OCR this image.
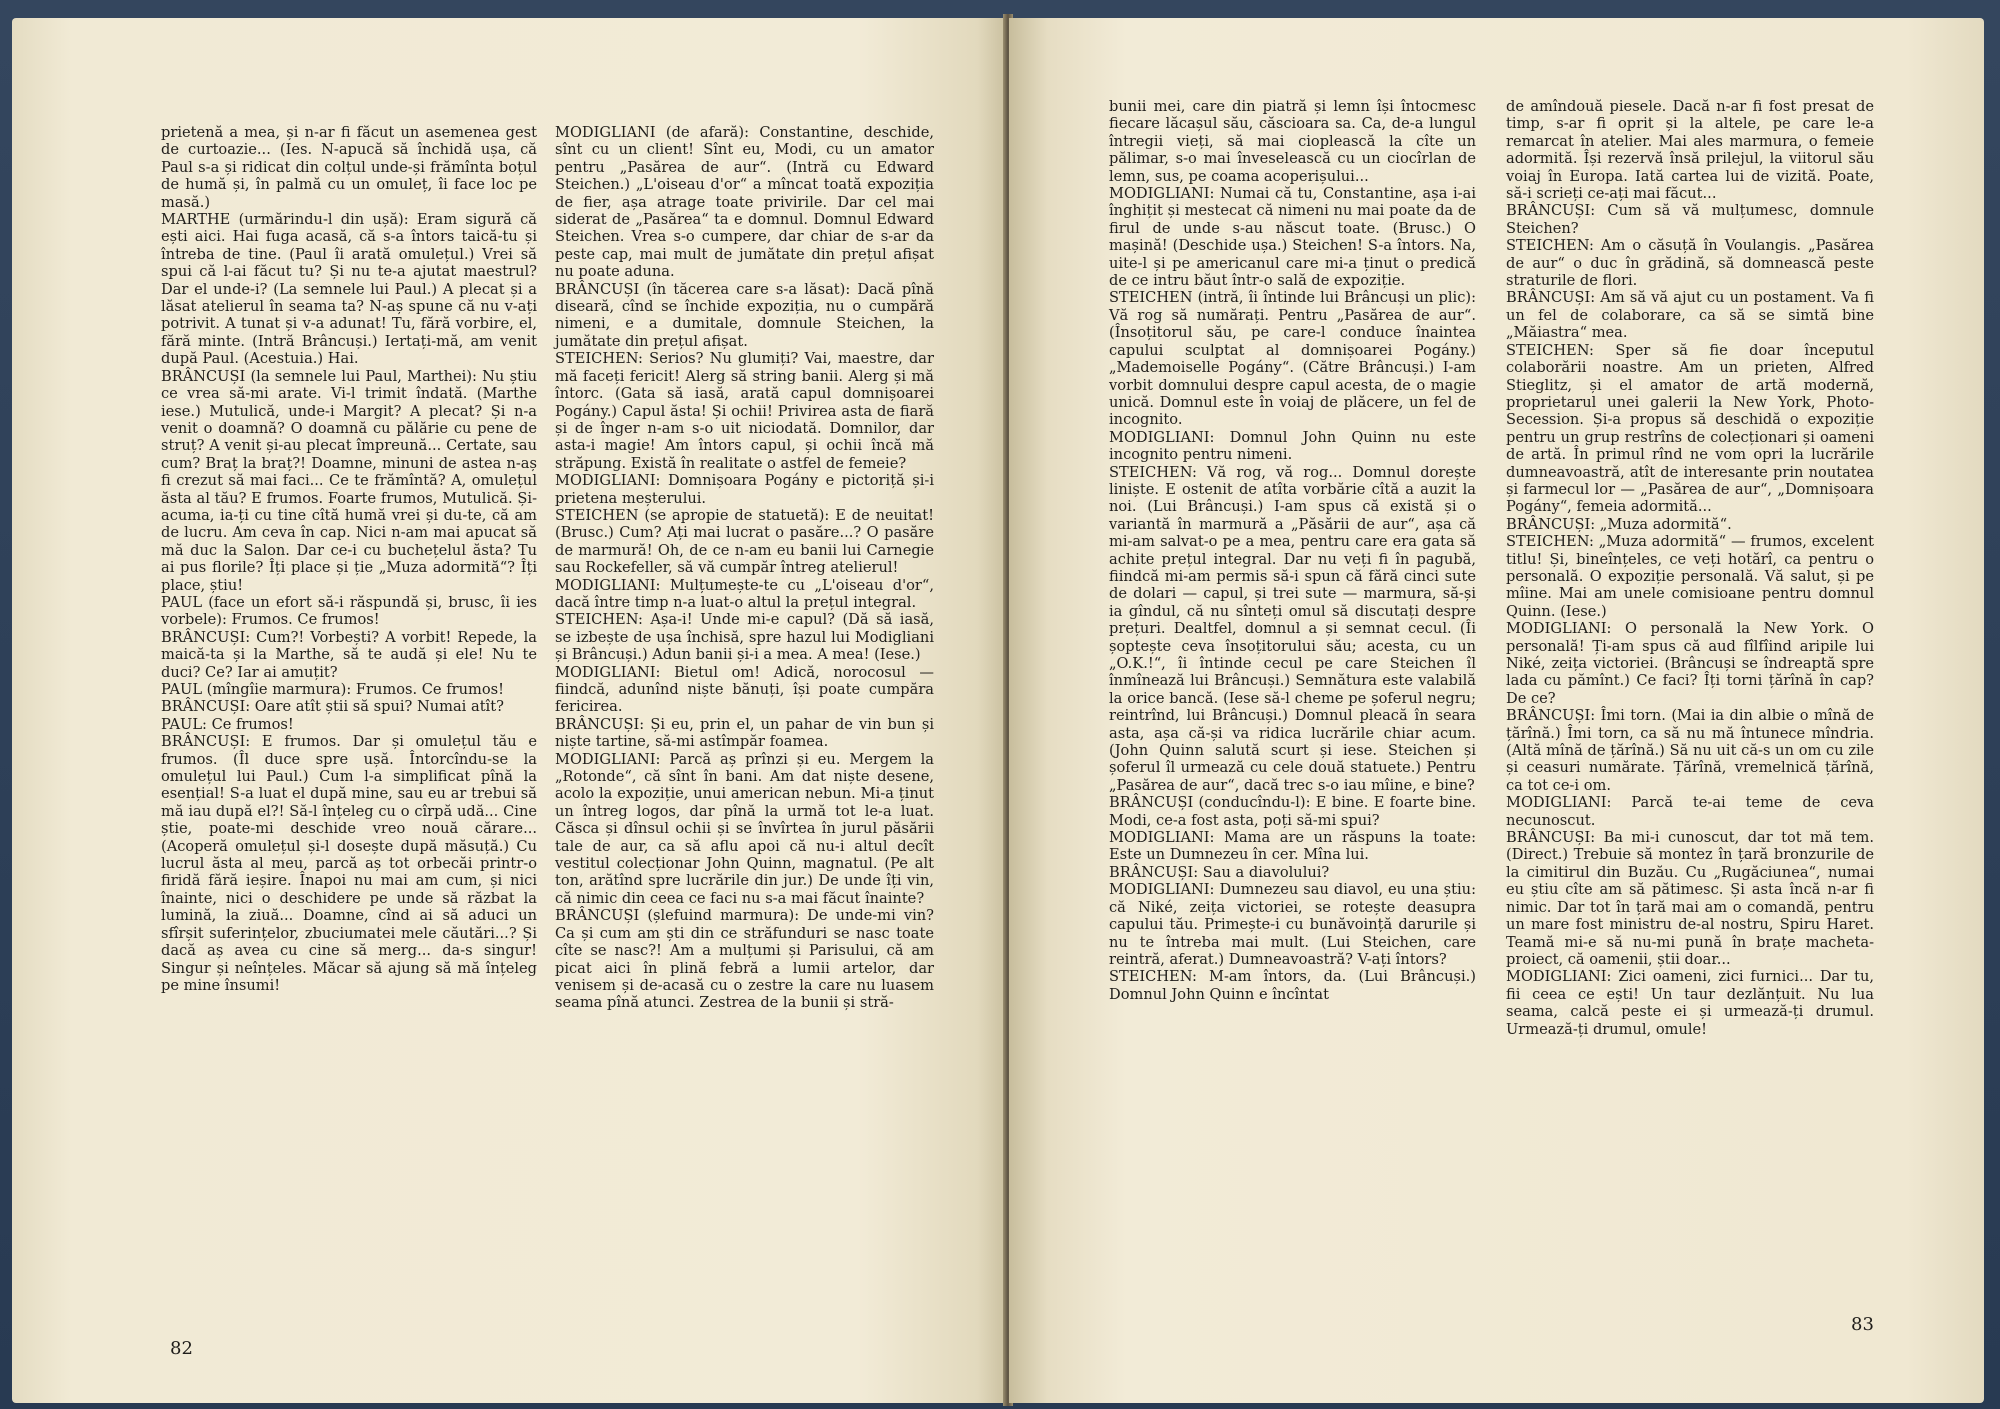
prietenă a mea, și n-ar fi făcut un asemenea gest de curtoazie... (Ies. N-apucă să închidă ușa, că Paul s-a și ridicat din colțul unde-și frămînta boțul de humă și, în palmă cu un omuleț, îi face loc pe masă.)
MARTHE (urmărindu-l din ușă): Eram sigură că ești aici. Hai fuga acasă, că s-a întors taică-tu și întreba de tine. (Paul îi arată omulețul.) Vrei să spui că l-ai făcut tu? Și nu te-a ajutat maestrul? Dar el unde-i? (La semnele lui Paul.) A plecat și a lăsat atelierul în seama ta? N-aș spune că nu v-ați potrivit. A tunat și v-a adunat! Tu, fără vorbire, el, fără minte. (Intră Brâncuși.) Iertați-mă, am venit după Paul. (Acestuia.) Hai.
BRÂNCUȘI (la semnele lui Paul, Marthei): Nu știu ce vrea să-mi arate. Vi-l trimit îndată. (Marthe iese.) Mutulică, unde-i Margit? A plecat? Și n-a venit o doamnă? O doamnă cu pălărie cu pene de struț? A venit și-au plecat împreună... Certate, sau cum? Braț la braț?! Doamne, minuni de astea n-aș fi crezut să mai faci... Ce te frămîntă? A, omulețul ăsta al tău? E frumos. Foarte frumos, Mutulică. Și-acuma, ia-ți cu tine cîtă humă vrei și du-te, că am de lucru. Am ceva în cap. Nici n-am mai apucat să mă duc la Salon. Dar ce-i cu buchețelul ăsta? Tu ai pus florile? Îți place și ție „Muza adormită“? Îți place, știu!
PAUL (face un efort să-i răspundă și, brusc, îi ies vorbele): Frumos. Ce frumos!
BRÂNCUȘI: Cum?! Vorbești? A vorbit! Repede, la maică-ta și la Marthe, să te audă și ele! Nu te duci? Ce? Iar ai amuțit?
PAUL (mîngîie marmura): Frumos. Ce frumos!
BRÂNCUȘI: Oare atît știi să spui? Numai atît?
PAUL: Ce frumos!
BRÂNCUȘI: E frumos. Dar și omulețul tău e frumos. (Îl duce spre ușă. Întorcîndu-se la omulețul lui Paul.) Cum l-a simplificat pînă la esențial! S-a luat el după mine, sau eu ar trebui să mă iau după el?! Să-l înțeleg cu o cîrpă udă... Cine știe, poate-mi deschide vreo nouă cărare... (Acoperă omulețul și-l dosește după măsuță.) Cu lucrul ăsta al meu, parcă aș tot orbecăi printr-o firidă fără ieșire. Înapoi nu mai am cum, și nici înainte, nici o deschidere pe unde să răzbat la lumină, la ziuă... Doamne, cînd ai să aduci un sfîrșit suferințelor, zbuciumatei mele căutări...? Și dacă aș avea cu cine să merg... da-s singur! Singur și neînțeles. Măcar să ajung să mă înțeleg pe mine însumi!
MODIGLIANI (de afară): Constantine, deschide, sînt cu un client! Sînt eu, Modi, cu un amator pentru „Pasărea de aur“. (Intră cu Edward Steichen.) „L'oiseau d'or“ a mîncat toată expoziția de fier, așa atrage toate privirile. Dar cel mai siderat de „Pasărea“ ta e domnul. Domnul Edward Steichen. Vrea s-o cumpere, dar chiar de s-ar da peste cap, mai mult de jumătate din prețul afișat nu poate aduna.
BRÂNCUȘI (în tăcerea care s-a lăsat): Dacă pînă diseară, cînd se închide expoziția, nu o cumpără nimeni, e a dumitale, domnule Steichen, la jumătate din prețul afișat.
STEICHEN: Serios? Nu glumiți? Vai, maestre, dar mă faceți fericit! Alerg să string banii. Alerg și mă întorc. (Gata să iasă, arată capul domnișoarei Pogány.) Capul ăsta! Și ochii! Privirea asta de fiară și de înger n-am s-o uit niciodată. Domnilor, dar asta-i magie! Am întors capul, și ochii încă mă străpung. Există în realitate o astfel de femeie?
MODIGLIANI: Domnișoara Pogány e pictoriță și-i prietena meșterului.
STEICHEN (se apropie de statuetă): E de neuitat! (Brusc.) Cum? Ați mai lucrat o pasăre...? O pasăre de marmură! Oh, de ce n-am eu banii lui Carnegie sau Rockefeller, să vă cumpăr întreg atelierul!
MODIGLIANI: Mulțumește-te cu „L'oiseau d'or“, dacă între timp n-a luat-o altul la prețul integral.
STEICHEN: Așa-i! Unde mi-e capul? (Dă să iasă, se izbește de ușa închisă, spre hazul lui Modigliani și Brâncuși.) Adun banii și-i a mea. A mea! (Iese.)
MODIGLIANI: Bietul om! Adică, norocosul — fiindcă, adunînd niște bănuți, își poate cumpăra fericirea.
BRÂNCUȘI: Și eu, prin el, un pahar de vin bun și niște tartine, să-mi astîmpăr foamea.
MODIGLIANI: Parcă aș prînzi și eu. Mergem la „Rotonde“, că sînt în bani. Am dat niște desene, acolo la expoziție, unui american nebun. Mi-a ținut un întreg logos, dar pînă la urmă tot le-a luat. Căsca și dînsul ochii și se învîrtea în jurul păsării tale de aur, ca să aflu apoi că nu-i altul decît vestitul colecționar John Quinn, magnatul. (Pe alt ton, arătînd spre lucrările din jur.) De unde îți vin, că nimic din ceea ce faci nu s-a mai făcut înainte?
BRÂNCUȘI (șlefuind marmura): De unde-mi vin? Ca și cum am ști din ce străfunduri se nasc toate cîte se nasc?! Am a mulțumi și Parisului, că am picat aici în plină febră a lumii artelor, dar venisem și de-acasă cu o zestre la care nu luasem seama pînă atunci. Zestrea de la bunii și stră-
82
bunii mei, care din piatră și lemn își întocmesc fiecare lăcașul său, căscioara sa. Ca, de-a lungul întregii vieți, să mai cioplească la cîte un pălimar, s-o mai înveselească cu un ciocîrlan de lemn, sus, pe coama acoperișului...
MODIGLIANI: Numai că tu, Constantine, așa i-ai înghițit și mestecat că nimeni nu mai poate da de firul de unde s-au născut toate. (Brusc.) O mașină! (Deschide ușa.) Steichen! S-a întors. Na, uite-l și pe americanul care mi-a ținut o predică de ce intru băut într-o sală de expoziție.
STEICHEN (intră, îi întinde lui Brâncuși un plic): Vă rog să numărați. Pentru „Pasărea de aur“. (Însoțitorul său, pe care-l conduce înaintea capului sculptat al domnișoarei Pogány.) „Mademoiselle Pogány“. (Către Brâncuși.) I-am vorbit domnului despre capul acesta, de o magie unică. Domnul este în voiaj de plăcere, un fel de incognito.
MODIGLIANI: Domnul John Quinn nu este incognito pentru nimeni.
STEICHEN: Vă rog, vă rog... Domnul dorește liniște. E ostenit de atîta vorbărie cîtă a auzit la noi. (Lui Brâncuși.) I-am spus că există și o variantă în marmură a „Păsării de aur“, așa că mi-am salvat-o pe a mea, pentru care era gata să achite prețul integral. Dar nu veți fi în pagubă, fiindcă mi-am permis să-i spun că fără cinci sute de dolari — capul, și trei sute — marmura, să-și ia gîndul, că nu sînteți omul să discutați despre prețuri. Dealtfel, domnul a și semnat cecul. (Îi șoptește ceva însoțitorului său; acesta, cu un „O.K.!“, îi întinde cecul pe care Steichen îl înmînează lui Brâncuși.) Semnătura este valabilă la orice bancă. (Iese să-l cheme pe șoferul negru; reintrînd, lui Brâncuși.) Domnul pleacă în seara asta, așa că-și va ridica lucrările chiar acum. (John Quinn salută scurt și iese. Steichen și șoferul îl urmează cu cele două statuete.) Pentru „Pasărea de aur“, dacă trec s-o iau mîine, e bine?
BRÂNCUȘI (conducîndu-l): E bine. E foarte bine. Modi, ce-a fost asta, poți să-mi spui?
MODIGLIANI: Mama are un răspuns la toate: Este un Dumnezeu în cer. Mîna lui.
BRÂNCUȘI: Sau a diavolului?
MODIGLIANI: Dumnezeu sau diavol, eu una știu: că Niké, zeița victoriei, se rotește deasupra capului tău. Primește-i cu bunăvoință darurile și nu te întreba mai mult. (Lui Steichen, care reintră, aferat.) Dumneavoastră? V-ați întors?
STEICHEN: M-am întors, da. (Lui Brâncuși.) Domnul John Quinn e încîntat
de amîndouă piesele. Dacă n-ar fi fost presat de timp, s-ar fi oprit și la altele, pe care le-a remarcat în atelier. Mai ales marmura, o femeie adormită. Își rezervă însă prilejul, la viitorul său voiaj în Europa. Iată cartea lui de vizită. Poate, să-i scrieți ce-ați mai făcut...
BRÂNCUȘI: Cum să vă mulțumesc, domnule Steichen?
STEICHEN: Am o căsuță în Voulangis. „Pasărea de aur“ o duc în grădină, să domnească peste straturile de flori.
BRÂNCUȘI: Am să vă ajut cu un postament. Va fi un fel de colaborare, ca să se simtă bine „Măiastra“ mea.
STEICHEN: Sper să fie doar începutul colaborării noastre. Am un prieten, Alfred Stieglitz, și el amator de artă modernă, proprietarul unei galerii la New York, Photo-Secession. Și-a propus să deschidă o expoziție pentru un grup restrîns de colecționari și oameni de artă. În primul rînd ne vom opri la lucrările dumneavoastră, atît de interesante prin noutatea și farmecul lor — „Pasărea de aur“, „Domnișoara Pogány“, femeia adormită...
BRÂNCUȘI: „Muza adormită“.
STEICHEN: „Muza adormită“ — frumos, excelent titlu! Și, bineînțeles, ce veți hotărî, ca pentru o personală. O expoziție personală. Vă salut, și pe mîine. Mai am unele comisioane pentru domnul Quinn. (Iese.)
MODIGLIANI: O personală la New York. O personală! Ți-am spus că aud fîlfîind aripile lui Niké, zeița victoriei. (Brâncuși se îndreaptă spre lada cu pămînt.) Ce faci? Îți torni țărînă în cap? De ce?
BRÂNCUȘI: Îmi torn. (Mai ia din albie o mînă de țărînă.) Îmi torn, ca să nu mă întunece mîndria. (Altă mînă de țărînă.) Să nu uit că-s un om cu zile și ceasuri numărate. Țărînă, vremelnică țărînă, ca tot ce-i om.
MODIGLIANI: Parcă te-ai teme de ceva necunoscut.
BRÂNCUȘI: Ba mi-i cunoscut, dar tot mă tem. (Direct.) Trebuie să montez în țară bronzurile de la cimitirul din Buzău. Cu „Rugăciunea“, numai eu știu cîte am să pătimesc. Și asta încă n-ar fi nimic. Dar tot în țară mai am o comandă, pentru un mare fost ministru de-al nostru, Spiru Haret. Teamă mi-e să nu-mi pună în brațe macheta-proiect, că oamenii, știi doar...
MODIGLIANI: Zici oameni, zici furnici... Dar tu, fii ceea ce ești! Un taur dezlănțuit. Nu lua seama, calcă peste ei și urmează-ți drumul. Urmează-ți drumul, omule!
83
